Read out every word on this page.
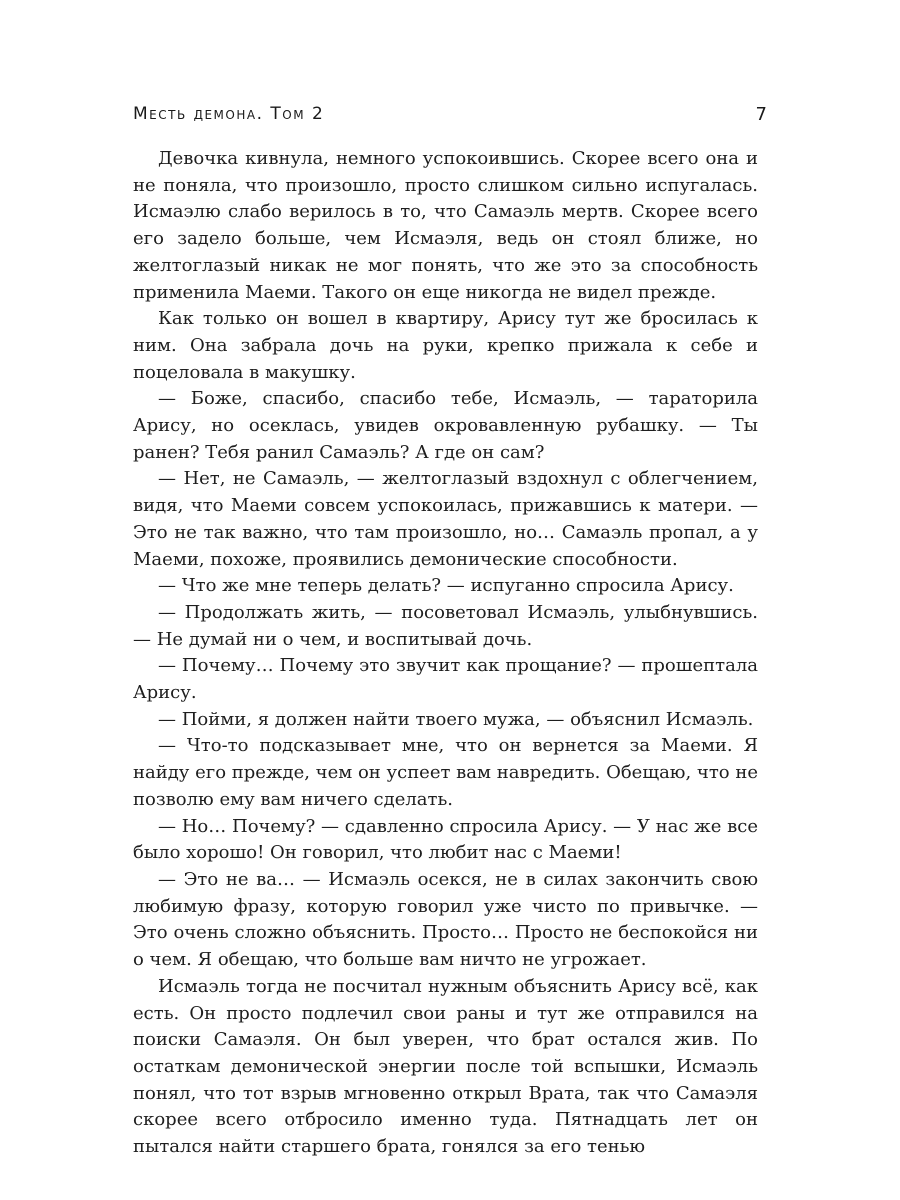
Месть демона. Том 2	7

Девочка кивнула, немного успокоившись. Скорее всего она и не поняла, что произошло, просто слишком сильно испугалась. Исмаэлю слабо верилось в то, что Самаэль мертв. Скорее всего его задело больше, чем Исмаэля, ведь он стоял ближе, но желтоглазый никак не мог понять, что же это за способность применила Маеми. Такого он еще никогда не видел прежде.

Как только он вошел в квартиру, Арису тут же бросилась к ним. Она забрала дочь на руки, крепко прижала к себе и поцеловала в макушку.

— Боже, спасибо, спасибо тебе, Исмаэль, — тараторила Арису, но осеклась, увидев окровавленную рубашку. — Ты ранен? Тебя ранил Самаэль? А где он сам?

— Нет, не Самаэль, — желтоглазый вздохнул с облегчением, видя, что Маеми совсем успокоилась, прижавшись к матери. — Это не так важно, что там произошло, но… Самаэль пропал, а у Маеми, похоже, проявились демонические способности.

— Что же мне теперь делать? — испуганно спросила Арису.

— Продолжать жить, — посоветовал Исмаэль, улыбнувшись. — Не думай ни о чем, и воспитывай дочь.

— Почему… Почему это звучит как прощание? — прошептала Арису.

— Пойми, я должен найти твоего мужа, — объяснил Исмаэль.

— Что-то подсказывает мне, что он вернется за Маеми. Я найду его прежде, чем он успеет вам навредить. Обещаю, что не позволю ему вам ничего сделать.

— Но… Почему? — сдавленно спросила Арису. — У нас же все было хорошо! Он говорил, что любит нас с Маеми!

— Это не ва… — Исмаэль осекся, не в силах закончить свою любимую фразу, которую говорил уже чисто по привычке. — Это очень сложно объяснить. Просто… Просто не беспокойся ни о чем. Я обещаю, что больше вам ничто не угрожает.

Исмаэль тогда не посчитал нужным объяснить Арису всё, как есть. Он просто подлечил свои раны и тут же отправился на поиски Самаэля. Он был уверен, что брат остался жив. По остаткам демонической энергии после той вспышки, Исмаэль понял, что тот взрыв мгновенно открыл Врата, так что Самаэля скорее всего отбросило именно туда. Пятнадцать лет он пытался найти старшего брата, гонялся за его тенью
